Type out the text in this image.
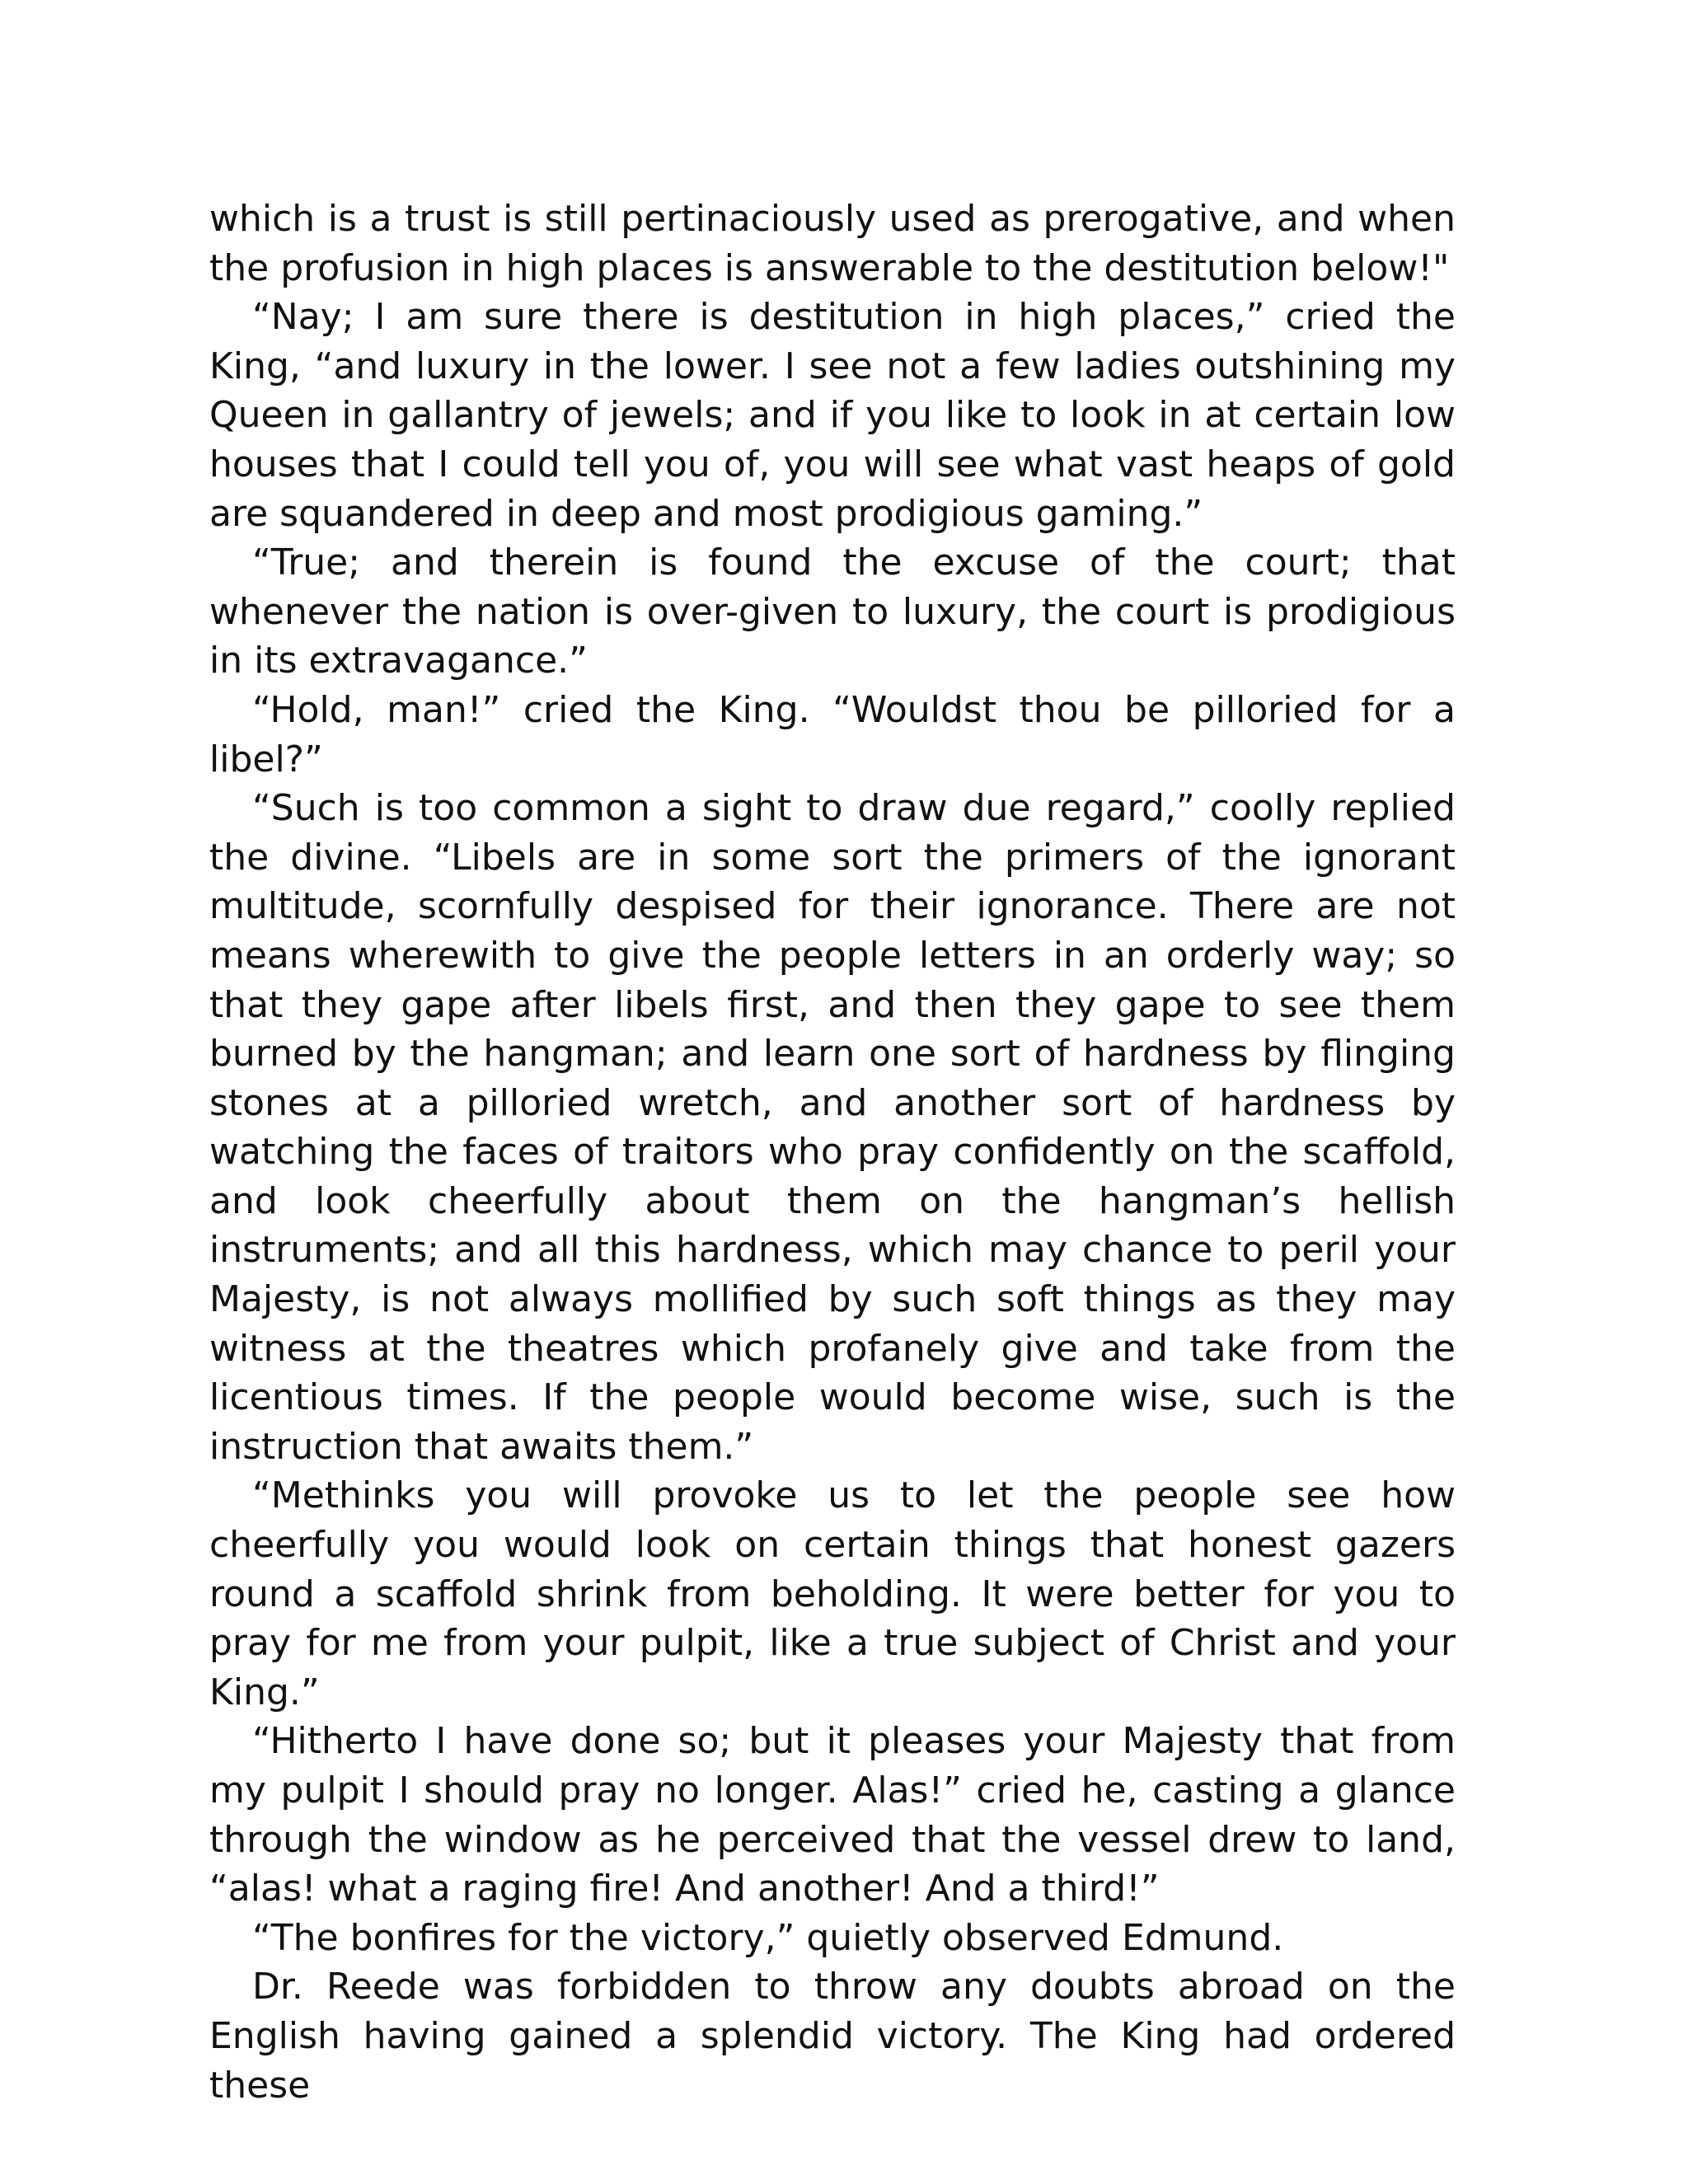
which is a trust is still pertinaciously used as prerogative, and when the profusion in high places is answerable to the destitution below!"

“Nay; I am sure there is destitution in high places,” cried the King, “and luxury in the lower. I see not a few ladies outshining my Queen in gallantry of jewels; and if you like to look in at certain low houses that I could tell you of, you will see what vast heaps of gold are squandered in deep and most prodigious gaming.”

“True; and therein is found the excuse of the court; that whenever the nation is over-given to luxury, the court is prodigious in its extravagance.”

“Hold, man!” cried the King. “Wouldst thou be pilloried for a libel?”

“Such is too common a sight to draw due regard,” coolly replied the divine. “Libels are in some sort the primers of the ignorant multitude, scornfully despised for their ignorance. There are not means wherewith to give the people letters in an orderly way; so that they gape after libels first, and then they gape to see them burned by the hangman; and learn one sort of hardness by flinging stones at a pilloried wretch, and another sort of hardness by watching the faces of traitors who pray confidently on the scaffold, and look cheerfully about them on the hangman’s hellish instruments; and all this hardness, which may chance to peril your Majesty, is not always mollified by such soft things as they may witness at the theatres which profanely give and take from the licentious times. If the people would become wise, such is the instruction that awaits them.”

“Methinks you will provoke us to let the people see how cheerfully you would look on certain things that honest gazers round a scaffold shrink from beholding. It were better for you to pray for me from your pulpit, like a true subject of Christ and your King.”

“Hitherto I have done so; but it pleases your Majesty that from my pulpit I should pray no longer. Alas!” cried he, casting a glance through the window as he perceived that the vessel drew to land, “alas! what a raging fire! And another! And a third!”

“The bonfires for the victory,” quietly observed Edmund.

Dr. Reede was forbidden to throw any doubts abroad on the English having gained a splendid victory. The King had ordered these
